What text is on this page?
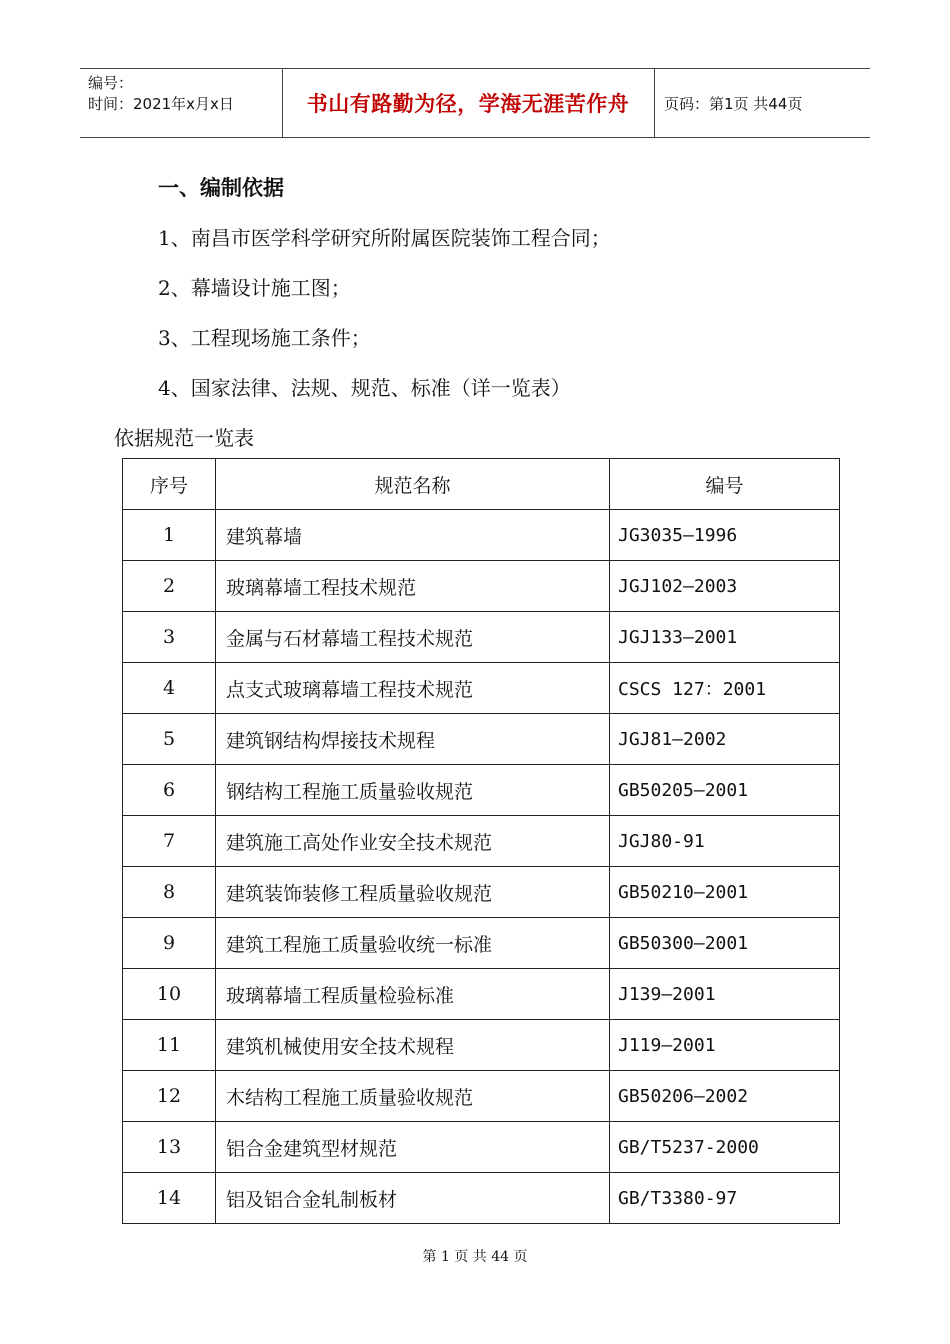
编号：
时间：2021年x月x日	书山有路勤为径，学海无涯苦作舟	页码：第1页 共44页
一、编制依据
1、南昌市医学科学研究所附属医院装饰工程合同；
2、幕墙设计施工图；
3、工程现场施工条件；
4、国家法律、法规、规范、标准（详一览表）
依据规范一览表
序号	规范名称	编号
1	建筑幕墙	JG3035—1996
2	玻璃幕墙工程技术规范	JGJ102—2003
3	金属与石材幕墙工程技术规范	JGJ133—2001
4	点支式玻璃幕墙工程技术规范	CSCS 127：2001
5	建筑钢结构焊接技术规程	JGJ81—2002
6	钢结构工程施工质量验收规范	GB50205—2001
7	建筑施工高处作业安全技术规范	JGJ80-91
8	建筑装饰装修工程质量验收规范	GB50210—2001
9	建筑工程施工质量验收统一标准	GB50300—2001
10	玻璃幕墙工程质量检验标准	J139—2001
11	建筑机械使用安全技术规程	J119—2001
12	木结构工程施工质量验收规范	GB50206—2002
13	铝合金建筑型材规范	GB/T5237-2000
14	铝及铝合金轧制板材	GB/T3380-97
第 1 页 共 44 页
